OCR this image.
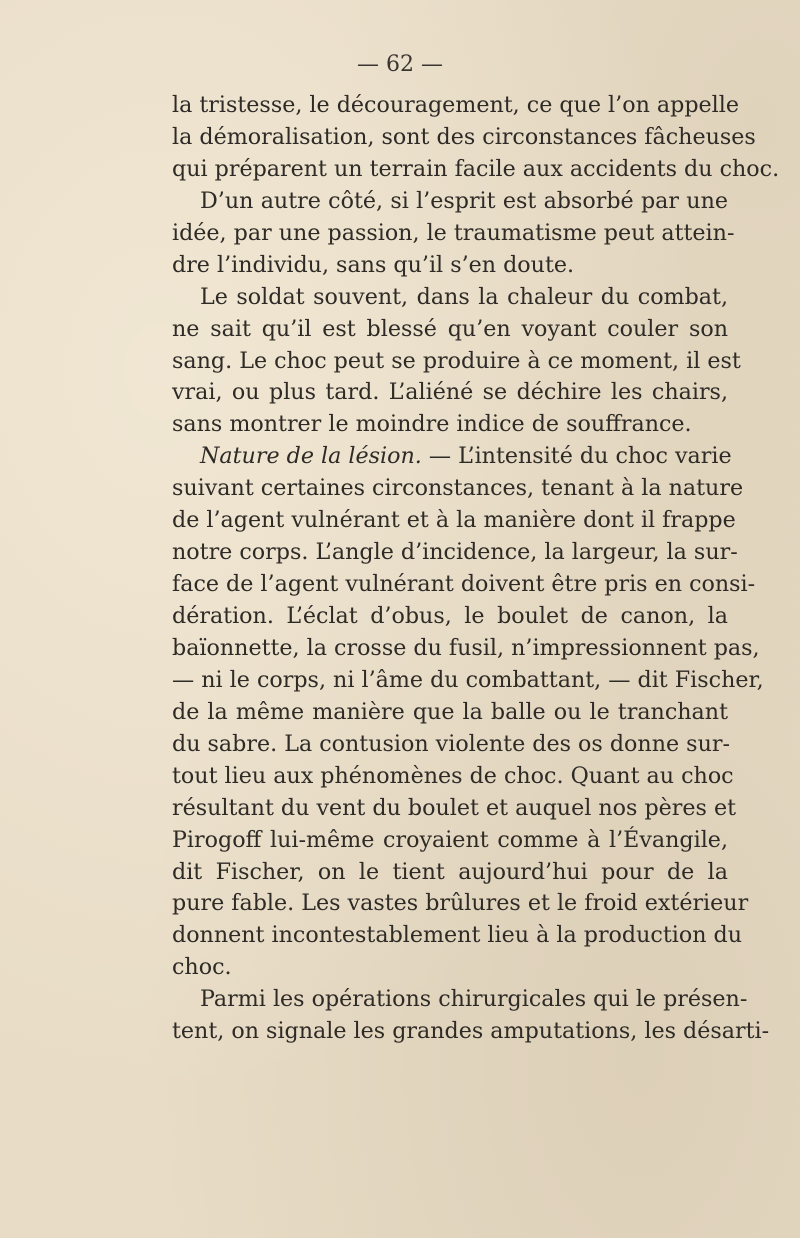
— 62 —
la tristesse, le découragement, ce que l’on appelle
la démoralisation, sont des circonstances fâcheuses
qui préparent un terrain facile aux accidents du choc.
D’un autre côté, si l’esprit est absorbé par une
idée, par une passion, le traumatisme peut attein-
dre l’individu, sans qu’il s’en doute.
Le soldat souvent, dans la chaleur du combat,
ne sait qu’il est blessé qu’en voyant couler son
sang. Le choc peut se produire à ce moment, il est
vrai, ou plus tard. L’aliéné se déchire les chairs,
sans montrer le moindre indice de souffrance.
Nature de la lésion. — L’intensité du choc varie
suivant certaines circonstances, tenant à la nature
de l’agent vulnérant et à la manière dont il frappe
notre corps. L’angle d’incidence, la largeur, la sur-
face de l’agent vulnérant doivent être pris en consi-
dération. L’éclat d’obus, le boulet de canon, la
baïonnette, la crosse du fusil, n’impressionnent pas,
— ni le corps, ni l’âme du combattant, — dit Fischer,
de la même manière que la balle ou le tranchant
du sabre. La contusion violente des os donne sur-
tout lieu aux phénomènes de choc. Quant au choc
résultant du vent du boulet et auquel nos pères et
Pirogoff lui-même croyaient comme à l’Évangile,
dit Fischer, on le tient aujourd’hui pour de la
pure fable. Les vastes brûlures et le froid extérieur
donnent incontestablement lieu à la production du
choc.
Parmi les opérations chirurgicales qui le présen-
tent, on signale les grandes amputations, les désarti-
